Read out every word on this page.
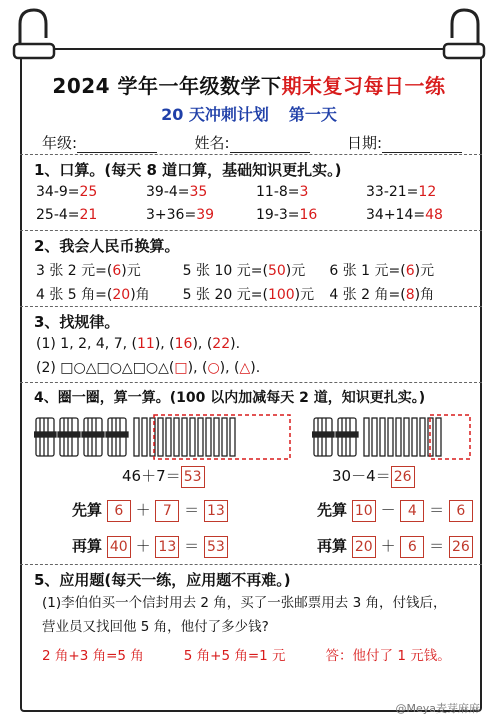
2024 学年一年级数学下期末复习每日一练
20 天冲刺计划 第一天
年级:	姓名:	日期:
1、口算。(每天 8 道口算，基础知识更扎实。)
34-9=25	39-4=35	11-8=3	33-21=12
25-4=21	3+36=39	19-3=16	34+14=48
2、我会人民币换算。
3 张 2 元=(6)元	5 张 10 元=(50)元	6 张 1 元=(6)元
4 张 5 角=(20)角	5 张 20 元=(100)元	4 张 2 角=(8)角
3、找规律。
(1) 1, 2, 4, 7, (11), (16), (22).
(2) □○△□○△□○△(□), (○), (△).
4、圈一圈，算一算。(100 以内加减每天 2 道，知识更扎实。)
46＋7＝ 53	30－4＝ 26
先算 6 ＋ 7 ＝ 13
再算 40 ＋ 13 ＝ 53
先算 10 － 4 ＝ 6
再算 20 ＋ 6 ＝ 26
5、应用题(每天一练，应用题不再难。)
(1)李伯伯买一个信封用去 2 角，买了一张邮票用去 3 角，付钱后，
营业员又找回他 5 角，他付了多少钱?
2 角+3 角=5 角	5 角+5 角=1 元	答：他付了 1 元钱。
@Meya麦芽麻麻
